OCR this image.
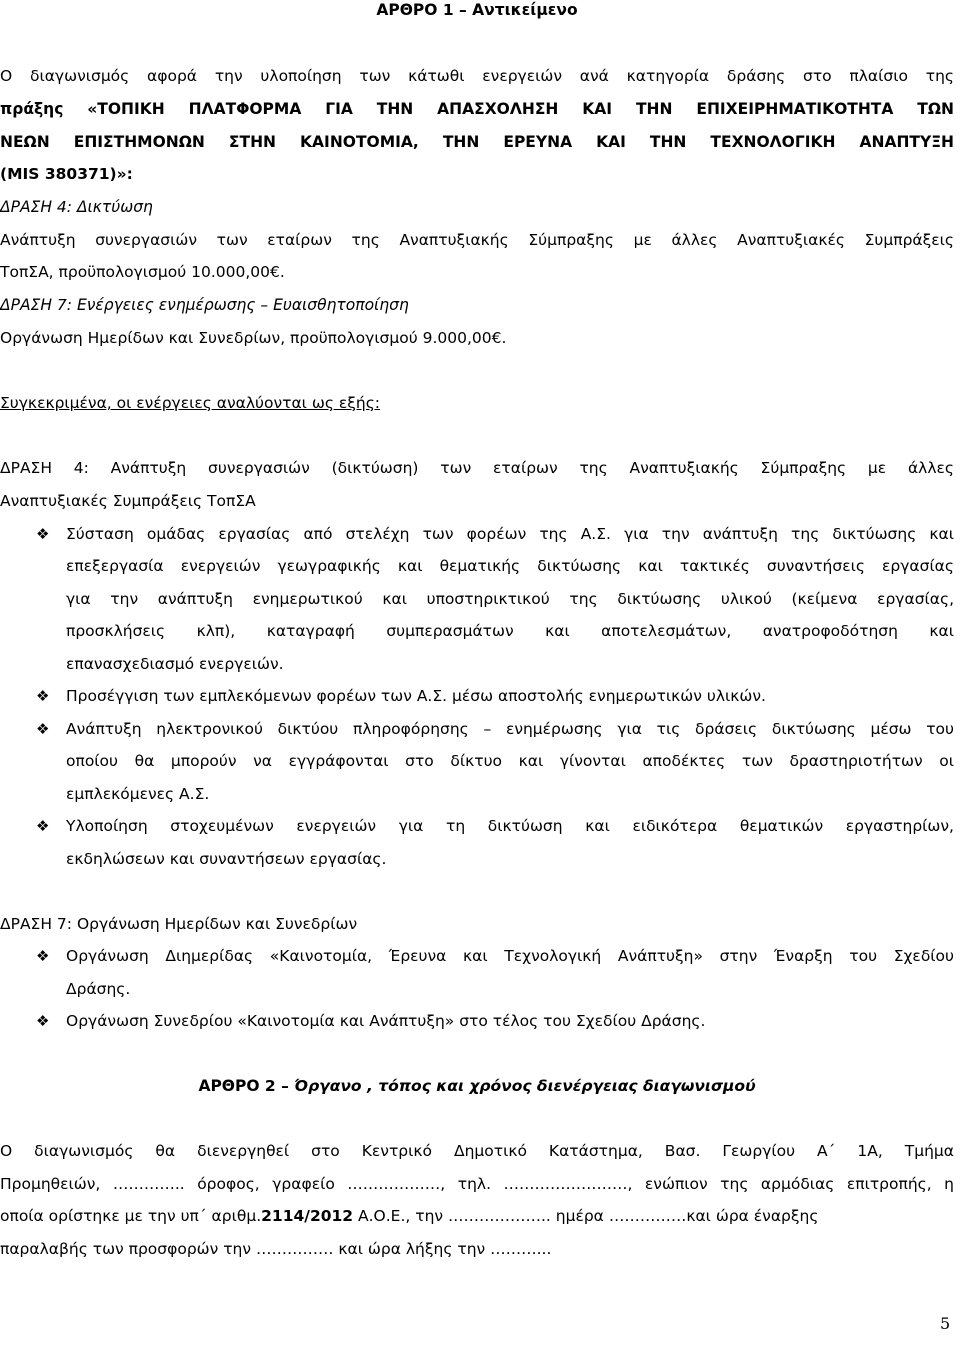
ΑΡΘΡΟ 1 – Αντικείμενο
Ο διαγωνισμός αφορά την υλοποίηση των κάτωθι ενεργειών ανά κατηγορία δράσης στο πλαίσιο της
πράξης «ΤΟΠΙΚΗ ΠΛΑΤΦΟΡΜΑ ΓΙΑ ΤΗΝ ΑΠΑΣΧΟΛΗΣΗ ΚΑΙ ΤΗΝ ΕΠΙΧΕΙΡΗΜΑΤΙΚΟΤΗΤΑ ΤΩΝ
ΝΕΩΝ ΕΠΙΣΤΗΜΟΝΩΝ ΣΤΗΝ ΚΑΙΝΟΤΟΜΙΑ, ΤΗΝ ΕΡΕΥΝΑ ΚΑΙ ΤΗΝ ΤΕΧΝΟΛΟΓΙΚΗ ΑΝΑΠΤΥΞΗ
(MIS 380371)»:
ΔΡΑΣΗ 4: Δικτύωση
Ανάπτυξη συνεργασιών των εταίρων της Αναπτυξιακής Σύμπραξης με άλλες Αναπτυξιακές Συμπράξεις
ΤοπΣΑ, προϋπολογισμού 10.000,00€.
ΔΡΑΣΗ 7: Ενέργειες ενημέρωσης – Ευαισθητοποίηση
Οργάνωση Ημερίδων και Συνεδρίων, προϋπολογισμού 9.000,00€.
Συγκεκριμένα, οι ενέργειες αναλύονται ως εξής:
ΔΡΑΣΗ 4: Ανάπτυξη συνεργασιών (δικτύωση) των εταίρων της Αναπτυξιακής Σύμπραξης με άλλες
Αναπτυξιακές Συμπράξεις ΤοπΣΑ
❖	Σύσταση ομάδας εργασίας από στελέχη των φορέων της Α.Σ. για την ανάπτυξη της δικτύωσης και
επεξεργασία ενεργειών γεωγραφικής και θεματικής δικτύωσης και τακτικές συναντήσεις εργασίας
για την ανάπτυξη ενημερωτικού και υποστηρικτικού της δικτύωσης υλικού (κείμενα εργασίας,
προσκλήσεις κλπ), καταγραφή συμπερασμάτων και αποτελεσμάτων, ανατροφοδότηση και
επανασχεδιασμό ενεργειών.
❖	Προσέγγιση των εμπλεκόμενων φορέων των Α.Σ. μέσω αποστολής ενημερωτικών υλικών.
❖	Ανάπτυξη ηλεκτρονικού δικτύου πληροφόρησης – ενημέρωσης για τις δράσεις δικτύωσης μέσω του
οποίου θα μπορούν να εγγράφονται στο δίκτυο και γίνονται αποδέκτες των δραστηριοτήτων οι
εμπλεκόμενες Α.Σ.
❖	Υλοποίηση στοχευμένων ενεργειών για τη δικτύωση και ειδικότερα θεματικών εργαστηρίων,
εκδηλώσεων και συναντήσεων εργασίας.
ΔΡΑΣΗ 7: Οργάνωση Ημερίδων και Συνεδρίων
❖	Οργάνωση Διημερίδας «Καινοτομία, Έρευνα και Τεχνολογική Ανάπτυξη» στην Έναρξη του Σχεδίου
Δράσης.
❖	Οργάνωση Συνεδρίου «Καινοτομία και Ανάπτυξη» στο τέλος του Σχεδίου Δράσης.
ΑΡΘΡΟ 2 – Όργανο , τόπος και χρόνος διενέργειας διαγωνισμού
Ο διαγωνισμός θα διενεργηθεί στο Κεντρικό Δημοτικό Κατάστημα, Βασ. Γεωργίου Α΄ 1Α, Τμήμα
Προμηθειών, ………….. όροφος, γραφείο ………………, τηλ. ……………………, ενώπιον της αρμόδιας επιτροπής, η
οποία ορίστηκε με την υπ΄ αριθμ.2114/2012 Α.Ο.Ε., την ……………….. ημέρα ……………και ώρα έναρξης
παραλαβής των προσφορών την …………… και ώρα λήξης την ………...
5
